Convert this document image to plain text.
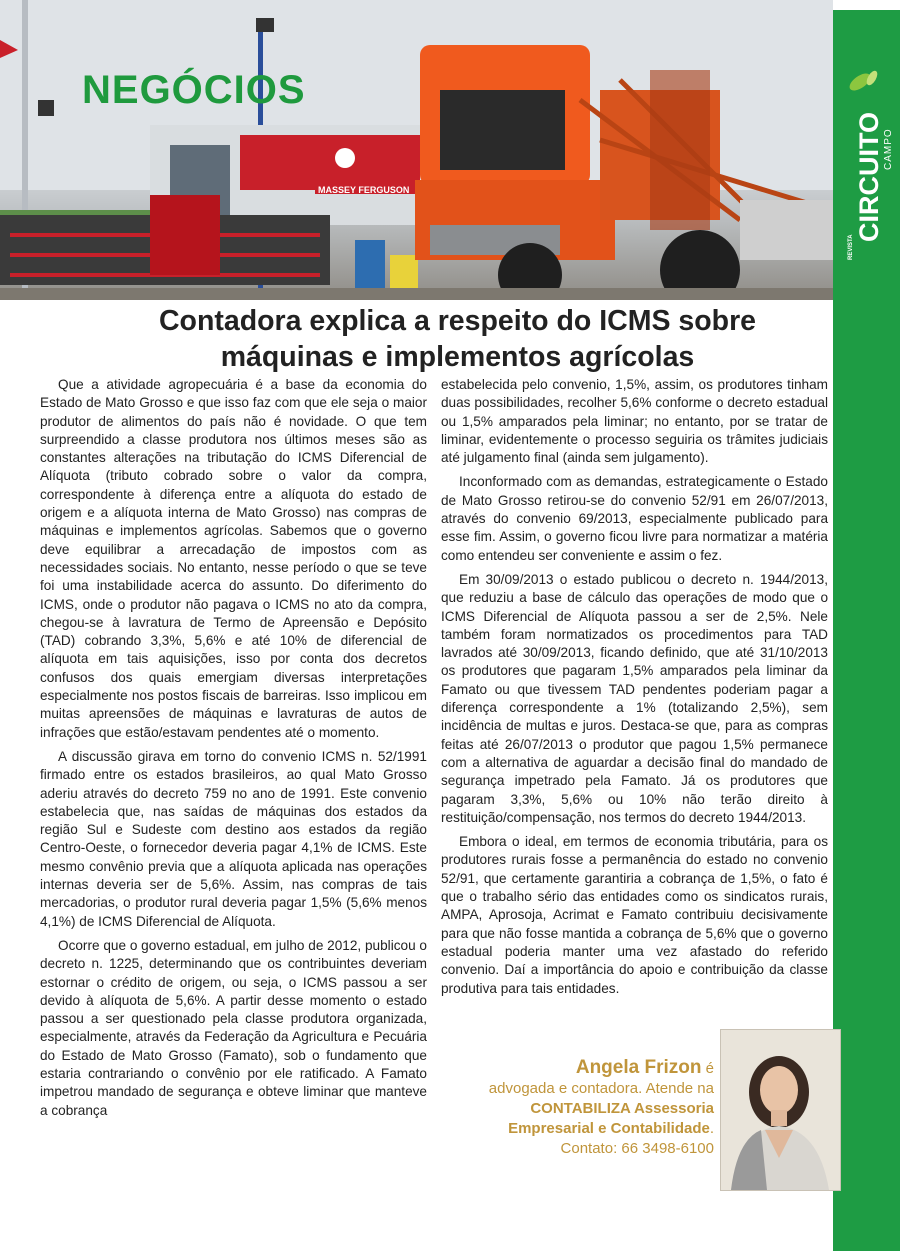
MASSEY FERGUSON
NEGÓCIOS
CIRCUITO CAMPO
REVISTA
Contadora explica a respeito do ICMS sobre
máquinas e implementos agrícolas

Que a atividade agropecuária é a base da economia do Estado de Mato Grosso e que isso faz com que ele seja o maior produtor de alimentos do país não é novidade. O que tem surpreendido a classe produtora nos últimos meses são as constantes alterações na tributação do ICMS Diferencial de Alíquota (tributo cobrado sobre o valor da compra, correspondente à diferença entre a alíquota do estado de origem e a alíquota interna de Mato Grosso) nas compras de máquinas e implementos agrícolas. Sabemos que o governo deve equilibrar a arrecadação de impostos com as necessidades sociais. No entanto, nesse período o que se teve foi uma instabilidade acerca do assunto. Do diferimento do ICMS, onde o produtor não pagava o ICMS no ato da compra, chegou-se à lavratura de Termo de Apreensão e Depósito (TAD) cobrando 3,3%, 5,6% e até 10% de diferencial de alíquota em tais aquisições, isso por conta dos decretos confusos dos quais emergiam diversas interpretações especialmente nos postos fiscais de barreiras. Isso implicou em muitas apreensões de máquinas e lavraturas de autos de infrações que estão/estavam pendentes até o momento.

A discussão girava em torno do convenio ICMS n. 52/1991 firmado entre os estados brasileiros, ao qual Mato Grosso aderiu através do decreto 759 no ano de 1991. Este convenio estabelecia que, nas saídas de máquinas dos estados da região Sul e Sudeste com destino aos estados da região Centro-Oeste, o fornecedor deveria pagar 4,1% de ICMS. Este mesmo convênio previa que a alíquota aplicada nas operações internas deveria ser de 5,6%. Assim, nas compras de tais mercadorias, o produtor rural deveria pagar 1,5% (5,6% menos 4,1%) de ICMS Diferencial de Alíquota.

Ocorre que o governo estadual, em julho de 2012, publicou o decreto n. 1225, determinando que os contribuintes deveriam estornar o crédito de origem, ou seja, o ICMS passou a ser devido à alíquota de 5,6%. A partir desse momento o estado passou a ser questionado pela classe produtora organizada, especialmente, através da Federação da Agricultura e Pecuária do Estado de Mato Grosso (Famato), sob o fundamento que estaria contrariando o convênio por ele ratificado. A Famato impetrou mandado de segurança e obteve liminar que manteve a cobrança

estabelecida pelo convenio, 1,5%, assim, os produtores tinham duas possibilidades, recolher 5,6% conforme o decreto estadual ou 1,5% amparados pela liminar; no entanto, por se tratar de liminar, evidentemente o processo seguiria os trâmites judiciais até julgamento final (ainda sem julgamento).

Inconformado com as demandas, estrategicamente o Estado de Mato Grosso retirou-se do convenio 52/91 em 26/07/2013, através do convenio 69/2013, especialmente publicado para esse fim. Assim, o governo ficou livre para normatizar a matéria como entendeu ser conveniente e assim o fez.

Em 30/09/2013 o estado publicou o decreto n. 1944/2013, que reduziu a base de cálculo das operações de modo que o ICMS Diferencial de Alíquota passou a ser de 2,5%. Nele também foram normatizados os procedimentos para TAD lavrados até 30/09/2013, ficando definido, que até 31/10/2013 os produtores que pagaram 1,5% amparados pela liminar da Famato ou que tivessem TAD pendentes poderiam pagar a diferença correspondente a 1% (totalizando 2,5%), sem incidência de multas e juros. Destaca-se que, para as compras feitas até 26/07/2013 o produtor que pagou 1,5% permanece com a alternativa de aguardar a decisão final do mandado de segurança impetrado pela Famato. Já os produtores que pagaram 3,3%, 5,6% ou 10% não terão direito à restituição/compensação, nos termos do decreto 1944/2013.

Embora o ideal, em termos de economia tributária, para os produtores rurais fosse a permanência do estado no convenio 52/91, que certamente garantiria a cobrança de 1,5%, o fato é que o trabalho sério das entidades como os sindicatos rurais, AMPA, Aprosoja, Acrimat e Famato contribuiu decisivamente para que não fosse mantida a cobrança de 5,6% que o governo estadual poderia manter uma vez afastado do referido convenio. Daí a importância do apoio e contribuição da classe produtiva para tais entidades.

Angela Frizon é
advogada e contadora. Atende na
CONTABILIZA Assessoria
Empresarial e Contabilidade.
Contato: 66 3498-6100
